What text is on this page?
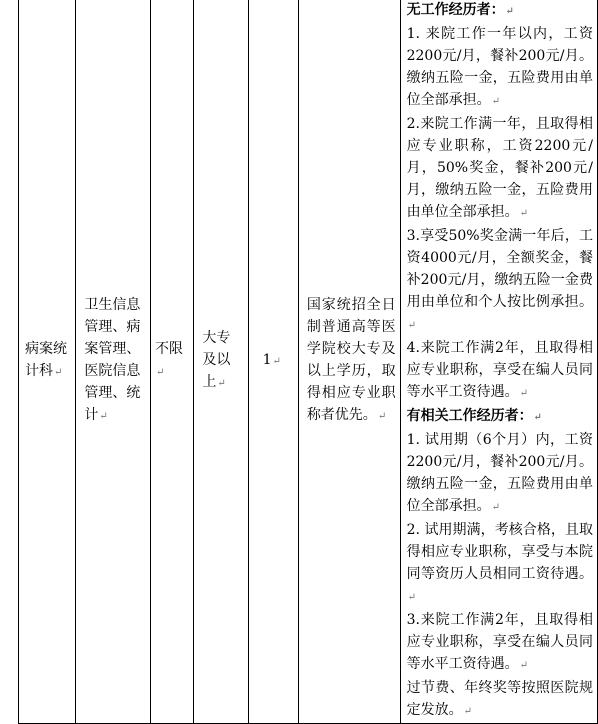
病案统计科↵

卫生信息管理、病案管理、医院信息管理、统计↵

不限↵

大专及以上↵

1↵

国家统招全日制普通高等医学院校大专及以上学历，取得相应专业职称者优先。↵

无工作经历者：↵
1. 来院工作一年以内，工资2200元/月，餐补200元/月。缴纳五险一金，五险费用由单位全部承担。↵
2.来院工作满一年，且取得相应专业职称，工资2200元/月，50%奖金，餐补200元/月，缴纳五险一金，五险费用由单位全部承担。↵
3.享受50%奖金满一年后，工资4000元/月，全额奖金，餐补200元/月，缴纳五险一金费用由单位和个人按比例承担。↵
4.来院工作满2年，且取得相应专业职称，享受在编人员同等水平工资待遇。↵
有相关工作经历者：↵
1. 试用期（6个月）内，工资2200元/月，餐补200元/月。缴纳五险一金，五险费用由单位全部承担。↵
2. 试用期满，考核合格，且取得相应专业职称，享受与本院同等资历人员相同工资待遇。↵
3.来院工作满2年，且取得相应专业职称，享受在编人员同等水平工资待遇。↵
过节费、年终奖等按照医院规定发放。↵
